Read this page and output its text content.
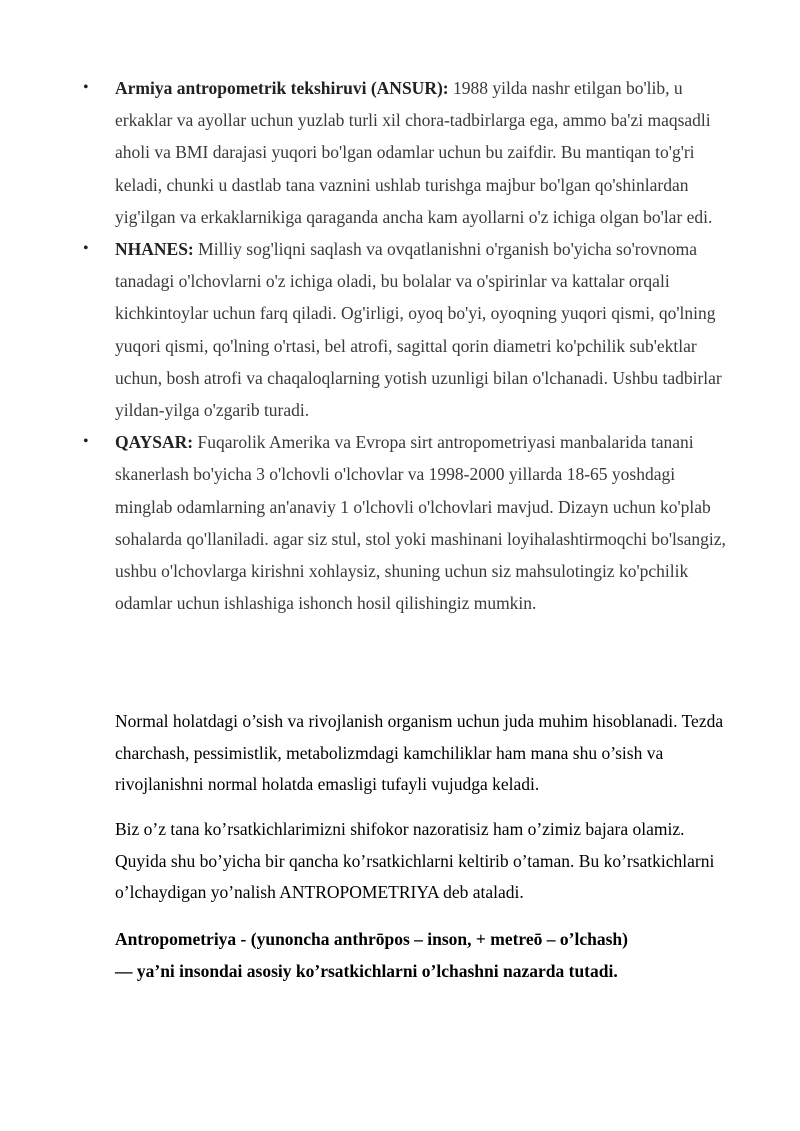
• Armiya antropometrik tekshiruvi (ANSUR): 1988 yilda nashr etilgan bo'lib, u erkaklar va ayollar uchun yuzlab turli xil chora-tadbirlarga ega, ammo ba'zi maqsadli aholi va BMI darajasi yuqori bo'lgan odamlar uchun bu zaifdir. Bu mantiqan to'g'ri keladi, chunki u dastlab tana vaznini ushlab turishga majbur bo'lgan qo'shinlardan yig'ilgan va erkaklarnikiga qaraganda ancha kam ayollarni o'z ichiga olgan bo'lar edi.
• NHANES: Milliy sog'liqni saqlash va ovqatlanishni o'rganish bo'yicha so'rovnoma tanadagi o'lchovlarni o'z ichiga oladi, bu bolalar va o'spirinlar va kattalar orqali kichkintoylar uchun farq qiladi. Og'irligi, oyoq bo'yi, oyoqning yuqori qismi, qo'lning yuqori qismi, qo'lning o'rtasi, bel atrofi, sagittal qorin diametri ko'pchilik sub'ektlar uchun, bosh atrofi va chaqaloqlarning yotish uzunligi bilan o'lchanadi. Ushbu tadbirlar yildan-yilga o'zgarib turadi.
• QAYSAR: Fuqarolik Amerika va Evropa sirt antropometriyasi manbalarida tanani skanerlash bo'yicha 3 o'lchovli o'lchovlar va 1998-2000 yillarda 18-65 yoshdagi minglab odamlarning an'anaviy 1 o'lchovli o'lchovlari mavjud. Dizayn uchun ko'plab sohalarda qo'llaniladi. agar siz stul, stol yoki mashinani loyihalashtirmoqchi bo'lsangiz, ushbu o'lchovlarga kirishni xohlaysiz, shuning uchun siz mahsulotingiz ko'pchilik odamlar uchun ishlashiga ishonch hosil qilishingiz mumkin.

Normal holatdagi o’sish va rivojlanish organism uchun juda muhim hisoblanadi. Tezda charchash, pessimistlik, metabolizmdagi kamchiliklar ham mana shu o’sish va rivojlanishni normal holatda emasligi tufayli vujudga keladi.

Biz o’z tana ko’rsatkichlarimizni shifokor nazoratisiz ham o’zimiz bajara olamiz. Quyida shu bo’yicha bir qancha ko’rsatkichlarni keltirib o’taman. Bu ko’rsatkichlarni o’lchaydigan yo’nalish ANTROPOMETRIYA deb ataladi.

Antropometriya - (yunoncha anthrōpos – inson, + metreō – o’lchash)
— ya’ni insondai asosiy ko’rsatkichlarni o’lchashni nazarda tutadi.
